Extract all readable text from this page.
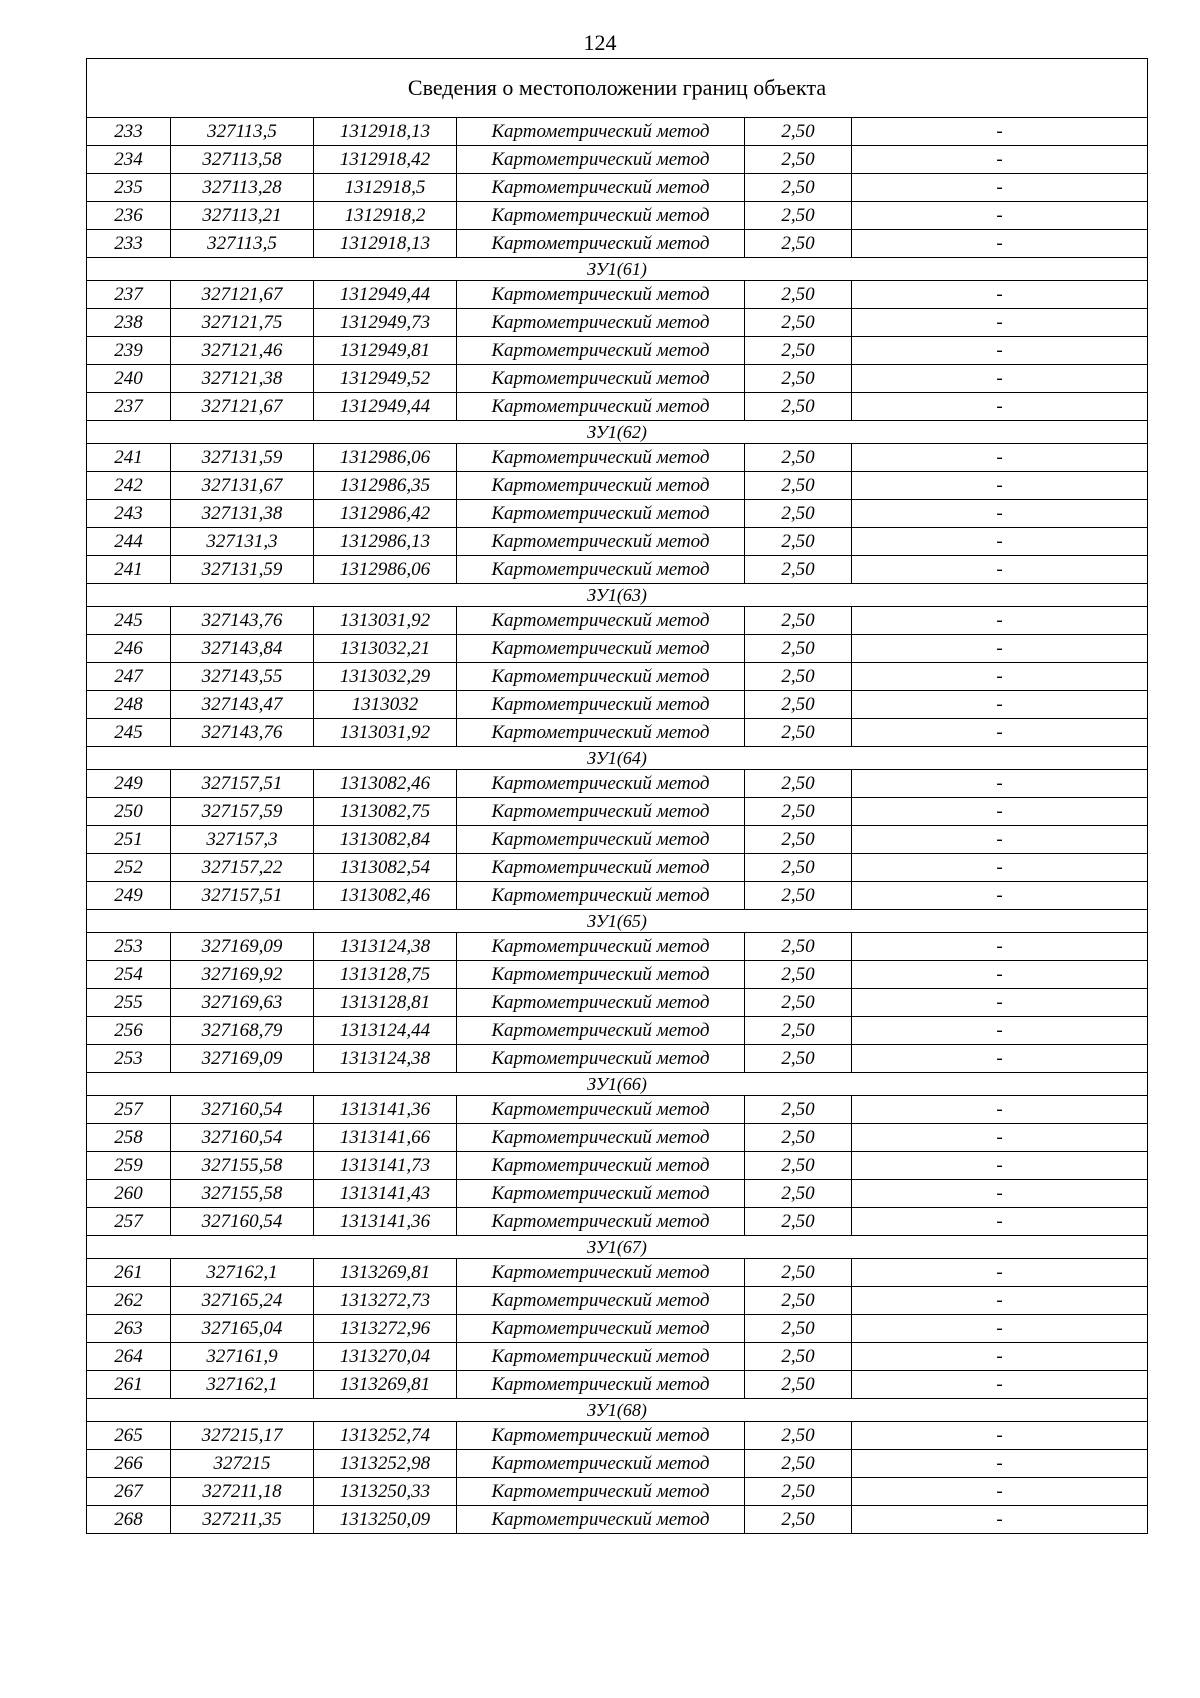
124
Сведения о местоположении границ объекта					
233	327113,5	1312918,13	Картометрический метод	2,50	-
234	327113,58	1312918,42	Картометрический метод	2,50	-
235	327113,28	1312918,5	Картометрический метод	2,50	-
236	327113,21	1312918,2	Картометрический метод	2,50	-
233	327113,5	1312918,13	Картометрический метод	2,50	-
ЗУ1(61)					
237	327121,67	1312949,44	Картометрический метод	2,50	-
238	327121,75	1312949,73	Картометрический метод	2,50	-
239	327121,46	1312949,81	Картометрический метод	2,50	-
240	327121,38	1312949,52	Картометрический метод	2,50	-
237	327121,67	1312949,44	Картометрический метод	2,50	-
ЗУ1(62)					
241	327131,59	1312986,06	Картометрический метод	2,50	-
242	327131,67	1312986,35	Картометрический метод	2,50	-
243	327131,38	1312986,42	Картометрический метод	2,50	-
244	327131,3	1312986,13	Картометрический метод	2,50	-
241	327131,59	1312986,06	Картометрический метод	2,50	-
ЗУ1(63)					
245	327143,76	1313031,92	Картометрический метод	2,50	-
246	327143,84	1313032,21	Картометрический метод	2,50	-
247	327143,55	1313032,29	Картометрический метод	2,50	-
248	327143,47	1313032	Картометрический метод	2,50	-
245	327143,76	1313031,92	Картометрический метод	2,50	-
ЗУ1(64)					
249	327157,51	1313082,46	Картометрический метод	2,50	-
250	327157,59	1313082,75	Картометрический метод	2,50	-
251	327157,3	1313082,84	Картометрический метод	2,50	-
252	327157,22	1313082,54	Картометрический метод	2,50	-
249	327157,51	1313082,46	Картометрический метод	2,50	-
ЗУ1(65)					
253	327169,09	1313124,38	Картометрический метод	2,50	-
254	327169,92	1313128,75	Картометрический метод	2,50	-
255	327169,63	1313128,81	Картометрический метод	2,50	-
256	327168,79	1313124,44	Картометрический метод	2,50	-
253	327169,09	1313124,38	Картометрический метод	2,50	-
ЗУ1(66)					
257	327160,54	1313141,36	Картометрический метод	2,50	-
258	327160,54	1313141,66	Картометрический метод	2,50	-
259	327155,58	1313141,73	Картометрический метод	2,50	-
260	327155,58	1313141,43	Картометрический метод	2,50	-
257	327160,54	1313141,36	Картометрический метод	2,50	-
ЗУ1(67)					
261	327162,1	1313269,81	Картометрический метод	2,50	-
262	327165,24	1313272,73	Картометрический метод	2,50	-
263	327165,04	1313272,96	Картометрический метод	2,50	-
264	327161,9	1313270,04	Картометрический метод	2,50	-
261	327162,1	1313269,81	Картометрический метод	2,50	-
ЗУ1(68)					
265	327215,17	1313252,74	Картометрический метод	2,50	-
266	327215	1313252,98	Картометрический метод	2,50	-
267	327211,18	1313250,33	Картометрический метод	2,50	-
268	327211,35	1313250,09	Картометрический метод	2,50	-
